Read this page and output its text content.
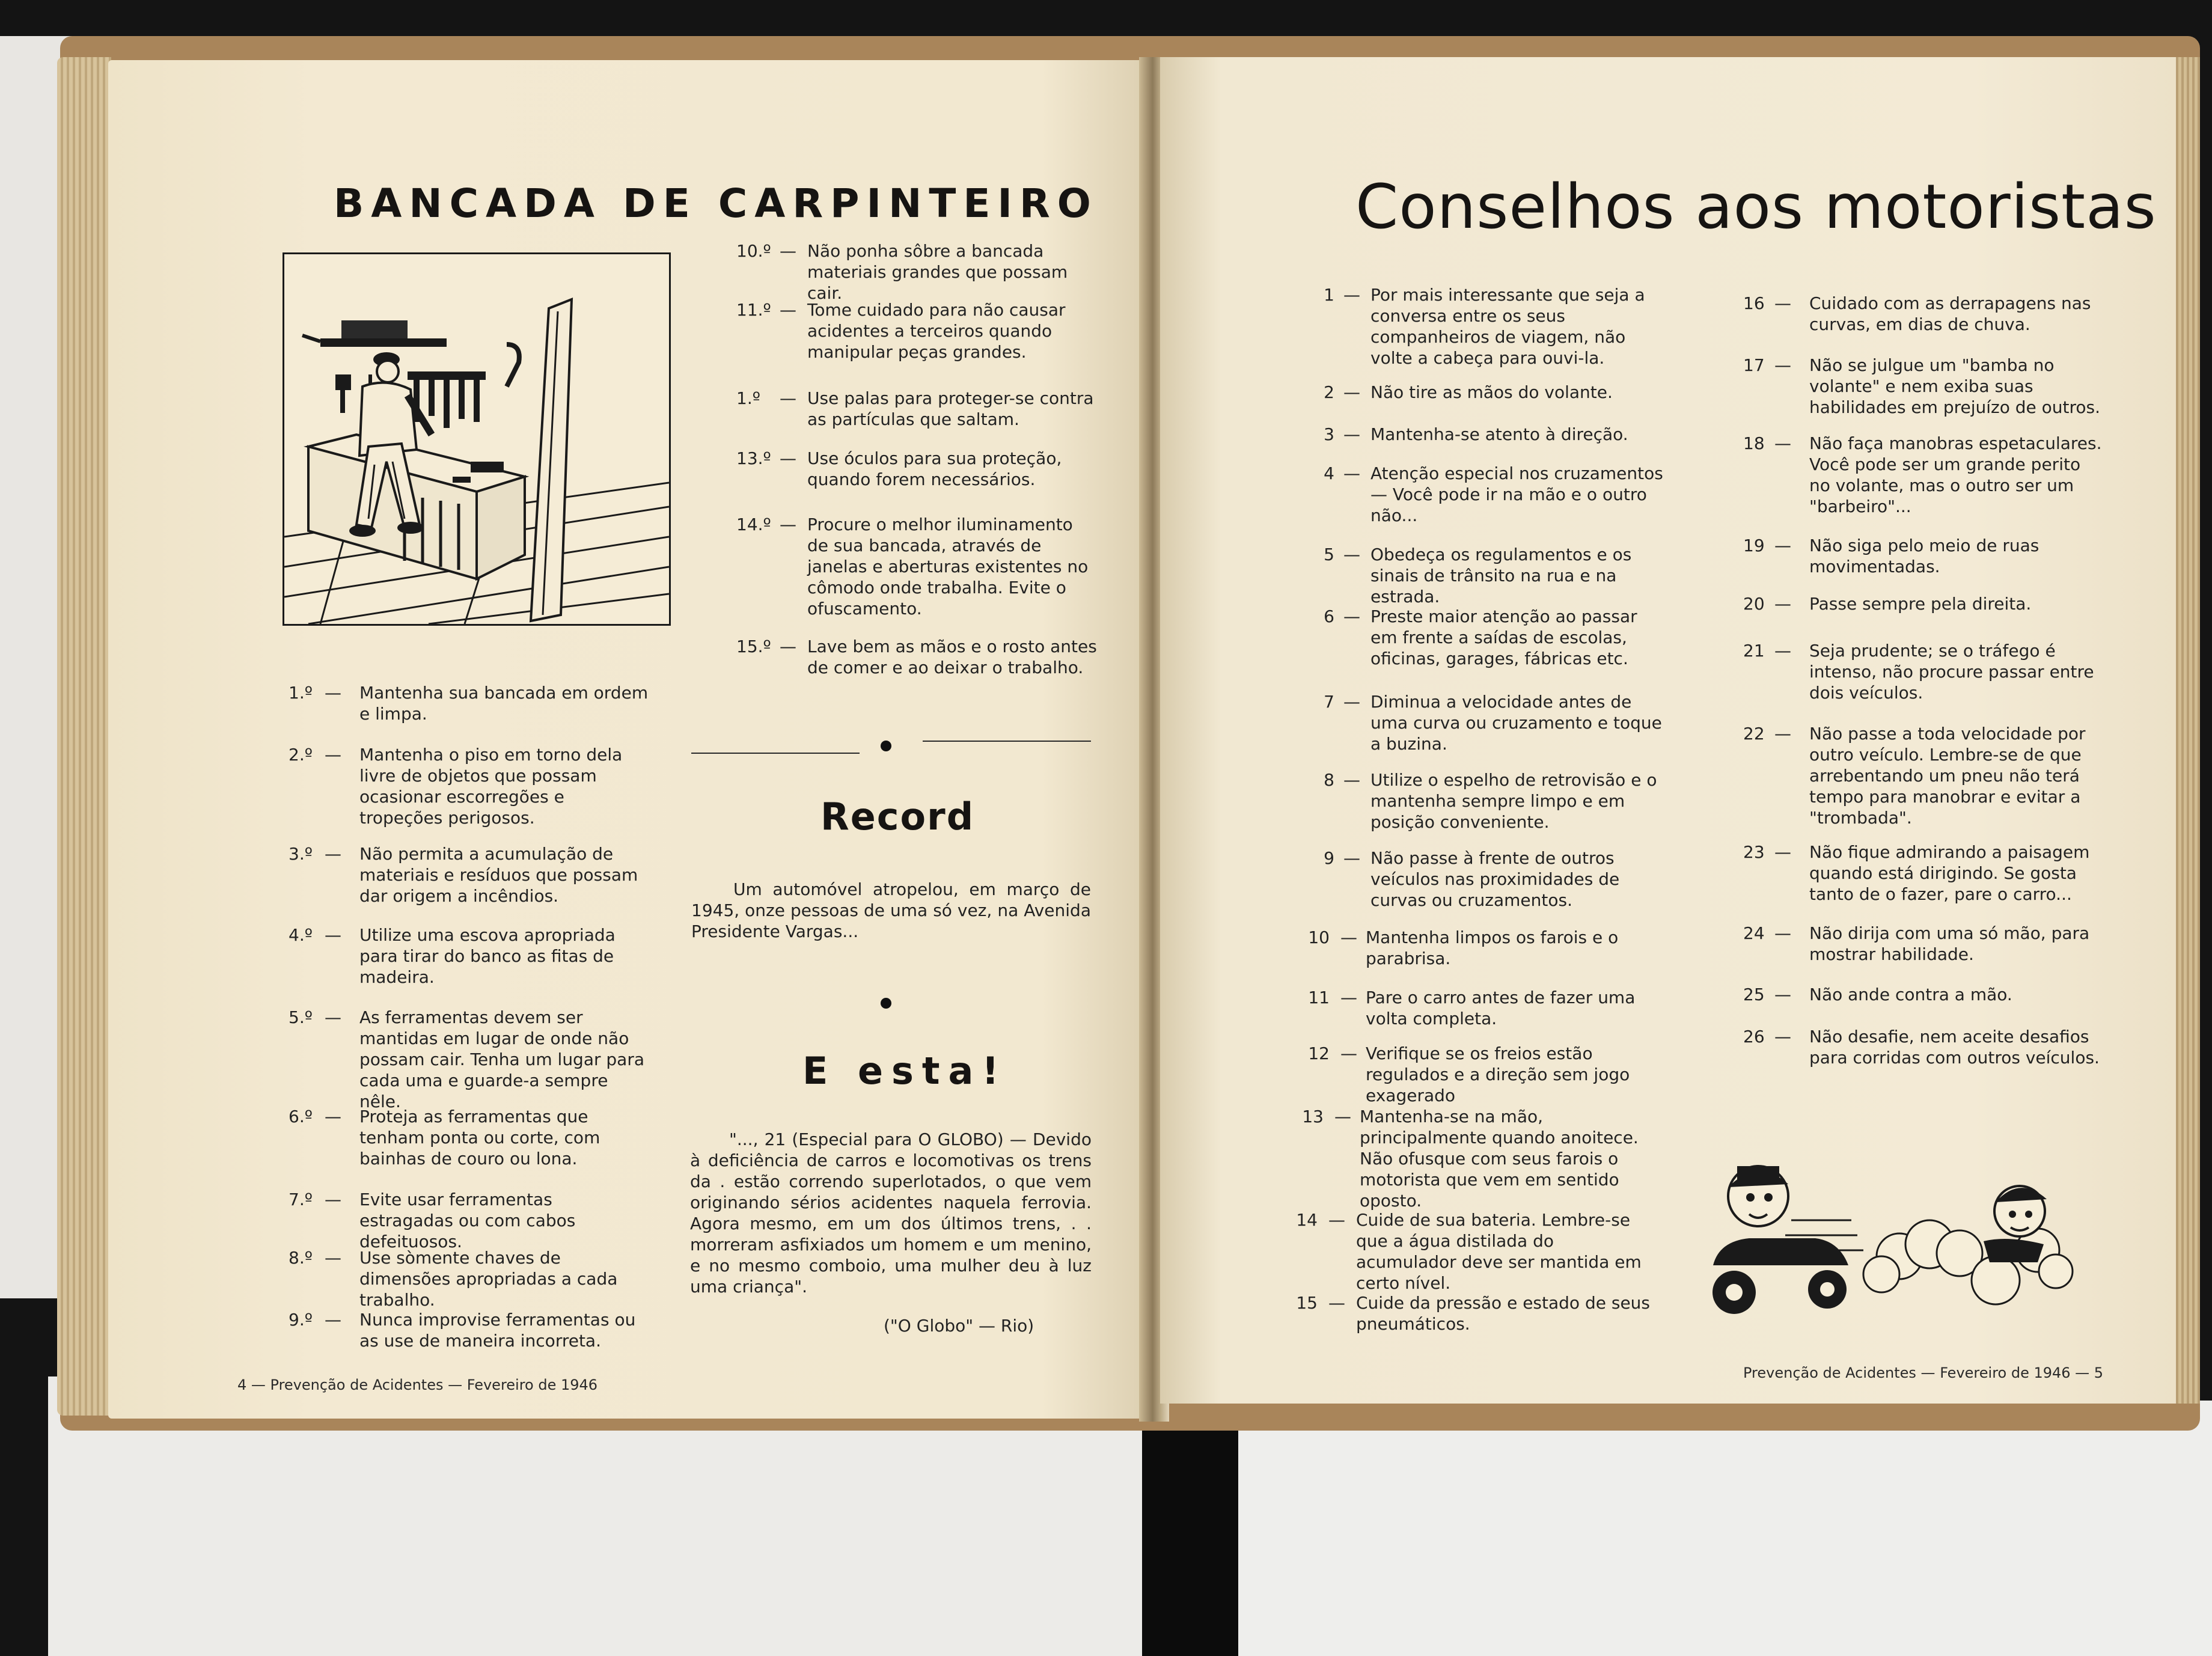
BANCADA DE CARPINTEIRO
1.º — Mantenha sua bancada em ordem e limpa.
2.º — Mantenha o piso em torno dela livre de objetos que possam ocasionar escorregões e tropeções perigosos.
3.º — Não permita a acumulação de materiais e resíduos que possam dar origem a incêndios.
4.º — Utilize uma escova apropriada para tirar do banco as fitas de madeira.
5.º — As ferramentas devem ser mantidas em lugar de onde não possam cair. Tenha um lugar para cada uma e guarde-a sempre nêle.
6.º — Proteja as ferramentas que tenham ponta ou corte, com bainhas de couro ou lona.
7.º — Evite usar ferramentas estragadas ou com cabos defeituosos.
8.º — Use sòmente chaves de dimensões apropriadas a cada trabalho.
9.º — Nunca improvise ferramentas ou as use de maneira incorreta.
10.º — Não ponha sôbre a bancada materiais grandes que possam cair.
11.º — Tome cuidado para não causar acidentes a terceiros quando manipular peças grandes.
1.º — Use palas para proteger-se contra as partículas que saltam.
13.º — Use óculos para sua proteção, quando forem necessários.
14.º — Procure o melhor iluminamento de sua bancada, através de janelas e aberturas existentes no cômodo onde trabalha. Evite o ofuscamento.
15.º — Lave bem as mãos e o rosto antes de comer e ao deixar o trabalho.
Record
Um automóvel atropelou, em março de 1945, onze pessoas de uma só vez, na Avenida Presidente Vargas...
E esta!
"..., 21 (Especial para O GLOBO) — Devido à deficiência de carros e locomotivas os trens da . estão correndo superlotados, o que vem originando sérios acidentes naquela ferrovia. Agora mesmo, em um dos últimos trens, . . morreram asfixiados um homem e um menino, e no mesmo comboio, uma mulher deu à luz uma criança".
("O Globo" — Rio)
4 — Prevenção de Acidentes — Fevereiro de 1946
Conselhos aos motoristas
1 — Por mais interessante que seja a conversa entre os seus companheiros de viagem, não volte a cabeça para ouvi-la.
2 — Não tire as mãos do volante.
3 — Mantenha-se atento à direção.
4 — Atenção especial nos cruzamentos — Você pode ir na mão e o outro não...
5 — Obedeça os regulamentos e os sinais de trânsito na rua e na estrada.
6 — Preste maior atenção ao passar em frente a saídas de escolas, oficinas, garages, fábricas etc.
7 — Diminua a velocidade antes de uma curva ou cruzamento e toque a buzina.
8 — Utilize o espelho de retrovisão e o mantenha sempre limpo e em posição conveniente.
9 — Não passe à frente de outros veículos nas proximidades de curvas ou cruzamentos.
10 — Mantenha limpos os farois e o parabrisa.
11 — Pare o carro antes de fazer uma volta completa.
12 — Verifique se os freios estão regulados e a direção sem jogo exagerado
13 — Mantenha-se na mão, principalmente quando anoitece. Não ofusque com seus farois o motorista que vem em sentido oposto.
14 — Cuide de sua bateria. Lembre-se que a água distilada do acumulador deve ser mantida em certo nível.
15 — Cuide da pressão e estado de seus pneumáticos.
16 — Cuidado com as derrapagens nas curvas, em dias de chuva.
17 — Não se julgue um "bamba no volante" e nem exiba suas habilidades em prejuízo de outros.
18 — Não faça manobras espetaculares. Você pode ser um grande perito no volante, mas o outro ser um "barbeiro"...
19 — Não siga pelo meio de ruas movimentadas.
20 — Passe sempre pela direita.
21 — Seja prudente; se o tráfego é intenso, não procure passar entre dois veículos.
22 — Não passe a toda velocidade por outro veículo. Lembre-se de que arrebentando um pneu não terá tempo para manobrar e evitar a "trombada".
23 — Não fique admirando a paisagem quando está dirigindo. Se gosta tanto de o fazer, pare o carro...
24 — Não dirija com uma só mão, para mostrar habilidade.
25 — Não ande contra a mão.
26 — Não desafie, nem aceite desafios para corridas com outros veículos.
Prevenção de Acidentes — Fevereiro de 1946 — 5
